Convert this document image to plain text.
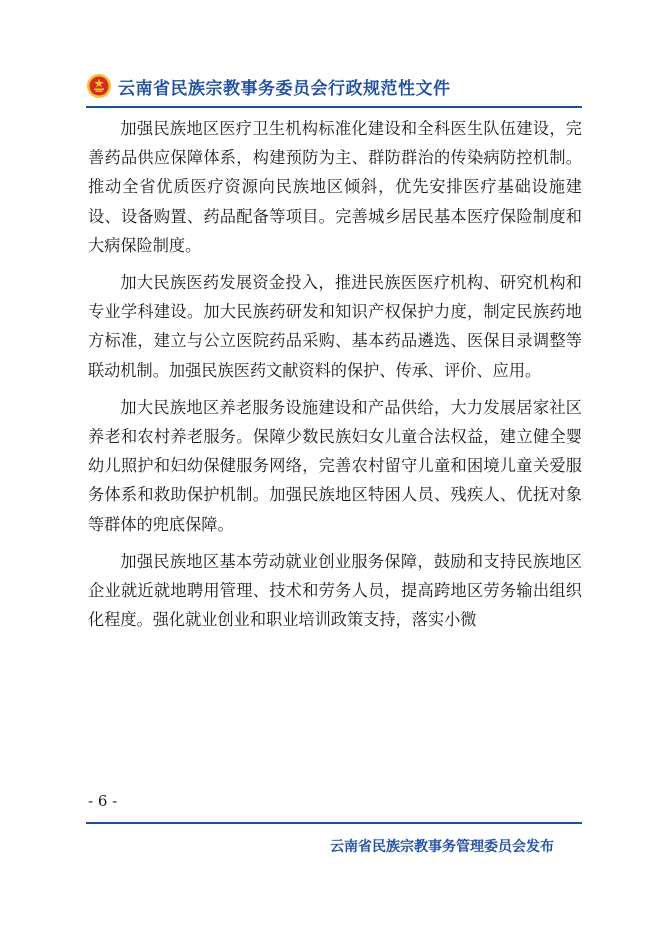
云南省民族宗教事务委员会行政规范性文件

加强民族地区医疗卫生机构标准化建设和全科医生队伍建设，完善药品供应保障体系，构建预防为主、群防群治的传染病防控机制。推动全省优质医疗资源向民族地区倾斜，优先安排医疗基础设施建设、设备购置、药品配备等项目。完善城乡居民基本医疗保险制度和大病保险制度。

加大民族医药发展资金投入，推进民族医医疗机构、研究机构和专业学科建设。加大民族药研发和知识产权保护力度，制定民族药地方标准，建立与公立医院药品采购、基本药品遴选、医保目录调整等联动机制。加强民族医药文献资料的保护、传承、评价、应用。

加大民族地区养老服务设施建设和产品供给，大力发展居家社区养老和农村养老服务。保障少数民族妇女儿童合法权益，建立健全婴幼儿照护和妇幼保健服务网络，完善农村留守儿童和困境儿童关爱服务体系和救助保护机制。加强民族地区特困人员、残疾人、优抚对象等群体的兜底保障。

加强民族地区基本劳动就业创业服务保障，鼓励和支持民族地区企业就近就地聘用管理、技术和劳务人员，提高跨地区劳务输出组织化程度。强化就业创业和职业培训政策支持，落实小微

- 6 -
云南省民族宗教事务管理委员会发布
